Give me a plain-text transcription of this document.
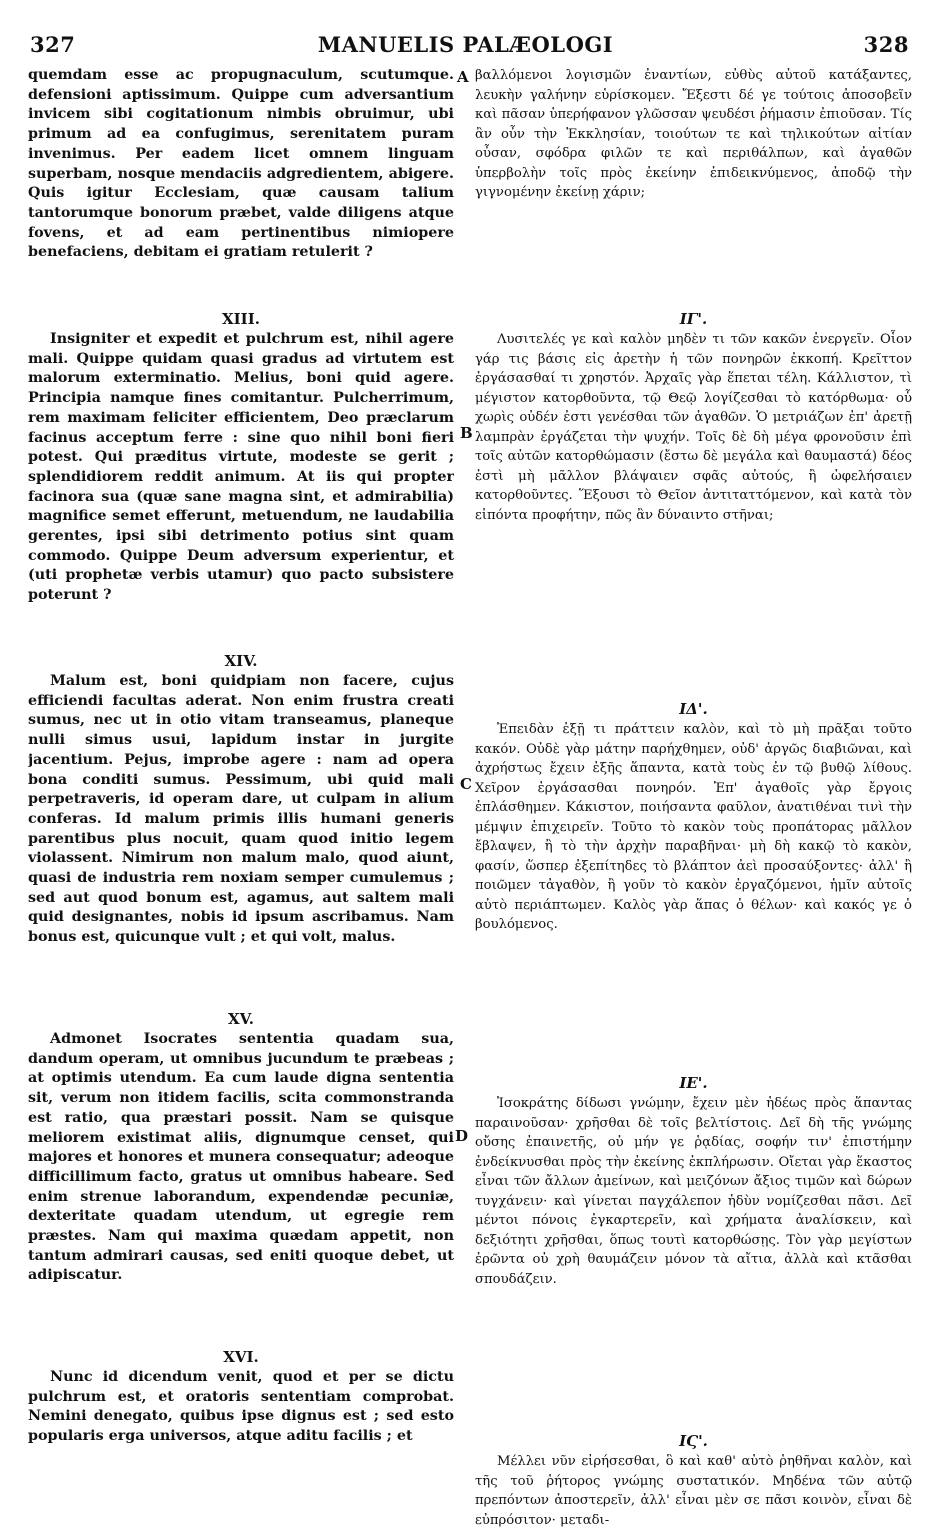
327	MANUELIS PALÆOLOGI	328
A
B
C
D

quemdam esse ac propugnaculum, scutumque. defensioni aptissimum. Quippe cum adversantium invicem sibi cogitationum nimbis obruimur, ubi primum ad ea confugimus, serenitatem puram invenimus. Per eadem licet omnem linguam superbam, nosque mendaciis adgredientem, abigere. Quis igitur Ecclesiam, quæ causam talium tantorumque bonorum præbet, valde diligens atque fovens, et ad eam pertinentibus nimiopere benefaciens, debitam ei gratiam retulerit ?

XIII.

Insigniter et expedit et pulchrum est, nihil agere mali. Quippe quidam quasi gradus ad virtutem est malorum exterminatio. Melius, boni quid agere. Principia namque fines comitantur. Pulcherrimum, rem maximam feliciter efficientem, Deo præclarum facinus acceptum ferre : sine quo nihil boni fieri potest. Qui præditus virtute, modeste se gerit ; splendidiorem reddit animum. At iis qui propter facinora sua (quæ sane magna sint, et admirabilia) magnifice semet efferunt, metuendum, ne laudabilia gerentes, ipsi sibi detrimento potius sint quam commodo. Quippe Deum adversum experientur, et (uti prophetæ verbis utamur) quo pacto subsistere poterunt ?

XIV.

Malum est, boni quidpiam non facere, cujus efficiendi facultas aderat. Non enim frustra creati sumus, nec ut in otio vitam transeamus, planeque nulli simus usui, lapidum instar in jurgite jacentium. Pejus, improbe agere : nam ad opera bona conditi sumus. Pessimum, ubi quid mali perpetraveris, id operam dare, ut culpam in alium conferas. Id malum primis illis humani generis parentibus plus nocuit, quam quod initio legem violassent. Nimirum non malum malo, quod aiunt, quasi de industria rem noxiam semper cumulemus ; sed aut quod bonum est, agamus, aut saltem mali quid designantes, nobis id ipsum ascribamus. Nam bonus est, quicunque vult ; et qui volt, malus.

XV.

Admonet Isocrates sententia quadam sua, dandum operam, ut omnibus jucundum te præbeas ; at optimis utendum. Ea cum laude digna sententia sit, verum non itidem facilis, scita commonstranda est ratio, qua præstari possit. Nam se quisque meliorem existimat aliis, dignumque censet, qui majores et honores et munera consequatur; adeoque difficillimum facto, gratus ut omnibus habeare. Sed enim strenue laborandum, expendendæ pecuniæ, dexteritate quadam utendum, ut egregie rem præstes. Nam qui maxima quædam appetit, non tantum admirari causas, sed eniti quoque debet, ut adipiscatur.

XVI.

Nunc id dicendum venit, quod et per se dictu pulchrum est, et oratoris sententiam comprobat. Nemini denegato, quibus ipse dignus est ; sed esto popularis erga universos, atque aditu facilis ; et

βαλλόμενοι λογισμῶν ἐναντίων, εὐθὺς αὐτοῦ κατάξαντες, λευκὴν γαλήνην εὑρίσκομεν. Ἔξεστι δέ γε τούτοις ἀποσοβεῖν καὶ πᾶσαν ὑπερήφανον γλῶσσαν ψευδέσι ῥήμασιν ἐπιοῦσαν. Τίς ἂν οὖν τὴν Ἐκκλησίαν, τοιούτων τε καὶ τηλικούτων αἰτίαν οὖσαν, σφόδρα φιλῶν τε καὶ περιθάλπων, καὶ ἀγαθῶν ὑπερβολὴν τοῖς πρὸς ἐκείνην ἐπιδεικνύμενος, ἀποδῷ τὴν γιγνομένην ἐκείνῃ χάριν;

ΙΓ'.

Λυσιτελές γε καὶ καλὸν μηδὲν τι τῶν κακῶν ἐνεργεῖν. Οἷον γάρ τις βάσις εἰς ἀρετὴν ἡ τῶν πονηρῶν ἐκκοπή. Κρεῖττον ἐργάσασθαί τι χρηστόν. Ἀρχαῖς γὰρ ἕπεται τέλη. Κάλλιστον, τὶ μέγιστον κατορθοῦντα, τῷ Θεῷ λογίζεσθαι τὸ κατόρθωμα· οὗ χωρὶς οὐδέν ἐστι γενέσθαι τῶν ἀγαθῶν. Ὁ μετριάζων ἐπ' ἀρετῇ λαμπρὰν ἐργάζεται τὴν ψυχήν. Τοῖς δὲ δὴ μέγα φρονοῦσιν ἐπὶ τοῖς αὐτῶν κατορθώμασιν (ἔστω δὲ μεγάλα καὶ θαυμαστά) δέος ἐστὶ μὴ μᾶλλον βλάψαιεν σφᾶς αὐτούς, ἢ ὠφελήσαιεν κατορθοῦντες. Ἕξουσι τὸ Θεῖον ἀντιταττόμενον, καὶ κατὰ τὸν εἰπόντα προφήτην, πῶς ἂν δύναιντο στῆναι;

ΙΔ'.

Ἐπειδὰν ἐξῇ τι πράττειν καλὸν, καὶ τὸ μὴ πρᾶξαι τοῦτο κακόν. Οὐδὲ γὰρ μάτην παρήχθημεν, οὐδ' ἀργῶς διαβιῶναι, καὶ ἀχρήστως ἔχειν ἐξῆς ἅπαντα, κατὰ τοὺς ἐν τῷ βυθῷ λίθους. Χεῖρον ἐργάσασθαι πονηρόν. Ἐπ' ἀγαθοῖς γὰρ ἔργοις ἐπλάσθημεν. Κάκιστον, ποιήσαντα φαῦλον, ἀνατιθέναι τινὶ τὴν μέμψιν ἐπιχειρεῖν. Τοῦτο τὸ κακὸν τοὺς προπάτορας μᾶλλον ἔβλαψεν, ἢ τὸ τὴν ἀρχὴν παραβῆναι· μὴ δὴ κακῷ τὸ κακὸν, φασίν, ὥσπερ ἐξεπίτηδες τὸ βλάπτον ἀεὶ προσαύξοντες· ἀλλ' ἢ ποιῶμεν τἀγαθὸν, ἢ γοῦν τὸ κακὸν ἐργαζόμενοι, ἡμῖν αὐτοῖς αὐτὸ περιάπτωμεν. Καλὸς γὰρ ἅπας ὁ θέλων· καὶ κακός γε ὁ βουλόμενος.

ΙΕ'.

Ἰσοκράτης δίδωσι γνώμην, ἔχειν μὲν ἡδέως πρὸς ἅπαντας παραινοῦσαν· χρῆσθαι δὲ τοῖς βελτίστοις. Δεῖ δὴ τῆς γνώμης οὔσης ἐπαινετῆς, οὐ μήν γε ῥᾳδίας, σοφήν τιν' ἐπιστήμην ἐνδείκνυσθαι πρὸς τὴν ἐκείνης ἐκπλήρωσιν. Οἴεται γὰρ ἕκαστος εἶναι τῶν ἄλλων ἀμείνων, καὶ μειζόνων ἄξιος τιμῶν καὶ δώρων τυγχάνειν· καὶ γίνεται παγχάλεπον ἡδὺν νομίζεσθαι πᾶσι. Δεῖ μέντοι πόνοις ἐγκαρτερεῖν, καὶ χρήματα ἀναλίσκειν, καὶ δεξιότητι χρῆσθαι, ὅπως τουτὶ κατορθώσῃς. Τὸν γὰρ μεγίστων ἐρῶντα οὐ χρὴ θαυμάζειν μόνον τὰ αἴτια, ἀλλὰ καὶ κτᾶσθαι σπουδάζειν.

ΙϚ'.

Μέλλει νῦν εἰρήσεσθαι, ὃ καὶ καθ' αὑτὸ ῥηθῆναι καλὸν, καὶ τῆς τοῦ ῥήτορος γνώμης συστατικόν. Μηδένα τῶν αὐτῷ πρεπόντων ἀποστερεῖν, ἀλλ' εἶναι μὲν σε πᾶσι κοινὸν, εἶναι δὲ εὐπρόσιτον· μεταδι-
